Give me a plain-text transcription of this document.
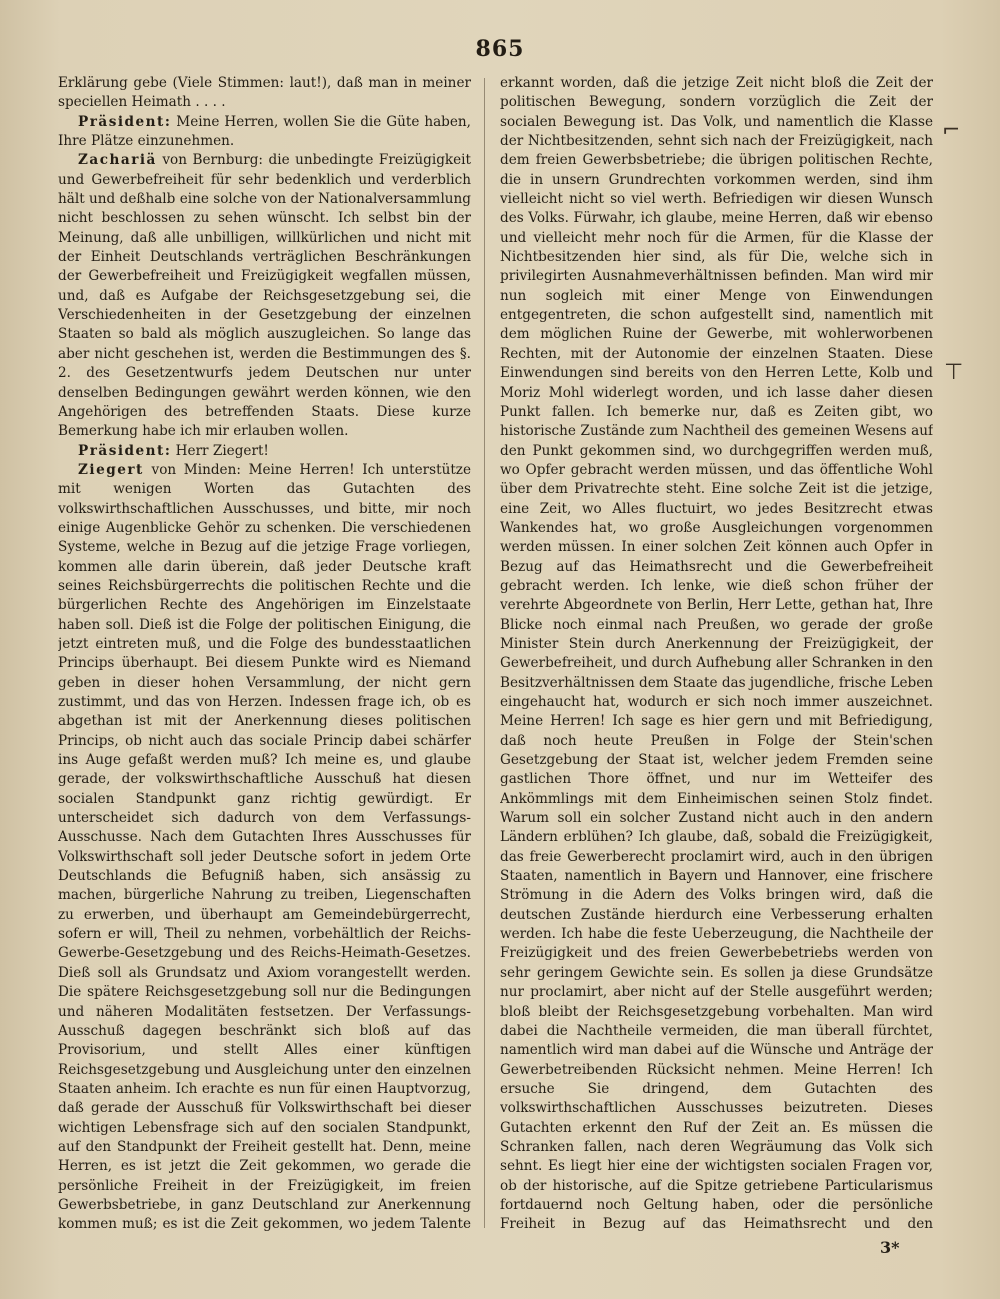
865

Erklärung gebe (Viele Stimmen: laut!), daß man in meiner speciellen Heimath . . . .

Präsident: Meine Herren, wollen Sie die Güte haben, Ihre Plätze einzunehmen.

Zachariä von Bernburg: die unbedingte Freizügigkeit und Gewerbefreiheit für sehr bedenklich und verderblich hält und deßhalb eine solche von der Nationalversammlung nicht beschlossen zu sehen wünscht. Ich selbst bin der Meinung, daß alle unbilligen, willkürlichen und nicht mit der Einheit Deutschlands verträglichen Beschränkungen der Gewerbefreiheit und Freizügigkeit wegfallen müssen, und, daß es Aufgabe der Reichsgesetzgebung sei, die Verschiedenheiten in der Gesetzgebung der einzelnen Staaten so bald als möglich auszugleichen. So lange das aber nicht geschehen ist, werden die Bestimmungen des §. 2. des Gesetzentwurfs jedem Deutschen nur unter denselben Bedingungen gewährt werden können, wie den Angehörigen des betreffenden Staats. Diese kurze Bemerkung habe ich mir erlauben wollen.

Präsident: Herr Ziegert!

Ziegert von Minden: Meine Herren! Ich unterstütze mit wenigen Worten das Gutachten des volkswirthschaftlichen Ausschusses, und bitte, mir noch einige Augenblicke Gehör zu schenken. Die verschiedenen Systeme, welche in Bezug auf die jetzige Frage vorliegen, kommen alle darin überein, daß jeder Deutsche kraft seines Reichsbürgerrechts die politischen Rechte und die bürgerlichen Rechte des Angehörigen im Einzelstaate haben soll. Dieß ist die Folge der politischen Einigung, die jetzt eintreten muß, und die Folge des bundesstaatlichen Princips überhaupt. Bei diesem Punkte wird es Niemand geben in dieser hohen Versammlung, der nicht gern zustimmt, und das von Herzen. Indessen frage ich, ob es abgethan ist mit der Anerkennung dieses politischen Princips, ob nicht auch das sociale Princip dabei schärfer ins Auge gefaßt werden muß? Ich meine es, und glaube gerade, der volkswirthschaftliche Ausschuß hat diesen socialen Standpunkt ganz richtig gewürdigt. Er unterscheidet sich dadurch von dem Verfassungs-Ausschusse. Nach dem Gutachten Ihres Ausschusses für Volkswirthschaft soll jeder Deutsche sofort in jedem Orte Deutschlands die Befugniß haben, sich ansässig zu machen, bürgerliche Nahrung zu treiben, Liegenschaften zu erwerben, und überhaupt am Gemeindebürgerrecht, sofern er will, Theil zu nehmen, vorbehältlich der Reichs-Gewerbe-Gesetzgebung und des Reichs-Heimath-Gesetzes. Dieß soll als Grundsatz und Axiom vorangestellt werden. Die spätere Reichsgesetzgebung soll nur die Bedingungen und näheren Modalitäten festsetzen. Der Verfassungs-Ausschuß dagegen beschränkt sich bloß auf das Provisorium, und stellt Alles einer künftigen Reichsgesetzgebung und Ausgleichung unter den einzelnen Staaten anheim. Ich erachte es nun für einen Hauptvorzug, daß gerade der Ausschuß für Volkswirthschaft bei dieser wichtigen Lebensfrage sich auf den socialen Standpunkt, auf den Standpunkt der Freiheit gestellt hat. Denn, meine Herren, es ist jetzt die Zeit gekommen, wo gerade die persönliche Freiheit in der Freizügigkeit, im freien Gewerbsbetriebe, in ganz Deutschland zur Anerkennung kommen muß; es ist die Zeit gekommen, wo jedem Talente

erkannt worden, daß die jetzige Zeit nicht bloß die Zeit der politischen Bewegung, sondern vorzüglich die Zeit der socialen Bewegung ist. Das Volk, und namentlich die Klasse der Nichtbesitzenden, sehnt sich nach der Freizügigkeit, nach dem freien Gewerbsbetriebe; die übrigen politischen Rechte, die in unsern Grundrechten vorkommen werden, sind ihm vielleicht nicht so viel werth. Befriedigen wir diesen Wunsch des Volks. Fürwahr, ich glaube, meine Herren, daß wir ebenso und vielleicht mehr noch für die Armen, für die Klasse der Nichtbesitzenden hier sind, als für Die, welche sich in privilegirten Ausnahmeverhältnissen befinden. Man wird mir nun sogleich mit einer Menge von Einwendungen entgegentreten, die schon aufgestellt sind, namentlich mit dem möglichen Ruine der Gewerbe, mit wohlerworbenen Rechten, mit der Autonomie der einzelnen Staaten. Diese Einwendungen sind bereits von den Herren Lette, Kolb und Moriz Mohl widerlegt worden, und ich lasse daher diesen Punkt fallen. Ich bemerke nur, daß es Zeiten gibt, wo historische Zustände zum Nachtheil des gemeinen Wesens auf den Punkt gekommen sind, wo durchgegriffen werden muß, wo Opfer gebracht werden müssen, und das öffentliche Wohl über dem Privatrechte steht. Eine solche Zeit ist die jetzige, eine Zeit, wo Alles fluctuirt, wo jedes Besitzrecht etwas Wankendes hat, wo große Ausgleichungen vorgenommen werden müssen. In einer solchen Zeit können auch Opfer in Bezug auf das Heimathsrecht und die Gewerbefreiheit gebracht werden. Ich lenke, wie dieß schon früher der verehrte Abgeordnete von Berlin, Herr Lette, gethan hat, Ihre Blicke noch einmal nach Preußen, wo gerade der große Minister Stein durch Anerkennung der Freizügigkeit, der Gewerbefreiheit, und durch Aufhebung aller Schranken in den Besitzverhältnissen dem Staate das jugendliche, frische Leben eingehaucht hat, wodurch er sich noch immer auszeichnet. Meine Herren! Ich sage es hier gern und mit Befriedigung, daß noch heute Preußen in Folge der Stein'schen Gesetzgebung der Staat ist, welcher jedem Fremden seine gastlichen Thore öffnet, und nur im Wetteifer des Ankömmlings mit dem Einheimischen seinen Stolz findet. Warum soll ein solcher Zustand nicht auch in den andern Ländern erblühen? Ich glaube, daß, sobald die Freizügigkeit, das freie Gewerberecht proclamirt wird, auch in den übrigen Staaten, namentlich in Bayern und Hannover, eine frischere Strömung in die Adern des Volks bringen wird, daß die deutschen Zustände hierdurch eine Verbesserung erhalten werden. Ich habe die feste Ueberzeugung, die Nachtheile der Freizügigkeit und des freien Gewerbebetriebs werden von sehr geringem Gewichte sein. Es sollen ja diese Grundsätze nur proclamirt, aber nicht auf der Stelle ausgeführt werden; bloß bleibt der Reichsgesetzgebung vorbehalten. Man wird dabei die Nachtheile vermeiden, die man überall fürchtet, namentlich wird man dabei auf die Wünsche und Anträge der Gewerbetreibenden Rücksicht nehmen. Meine Herren! Ich ersuche Sie dringend, dem Gutachten des volkswirthschaftlichen Ausschusses beizutreten. Dieses Gutachten erkennt den Ruf der Zeit an. Es müssen die Schranken fallen, nach deren Wegräumung das Volk sich sehnt. Es liegt hier eine der wichtigsten socialen Fragen vor, ob der historische, auf die Spitze getriebene Particularismus fortdauernd noch Geltung haben, oder die persönliche Freiheit in Bezug auf das Heimathsrecht und den

⌐
⊤
3*
